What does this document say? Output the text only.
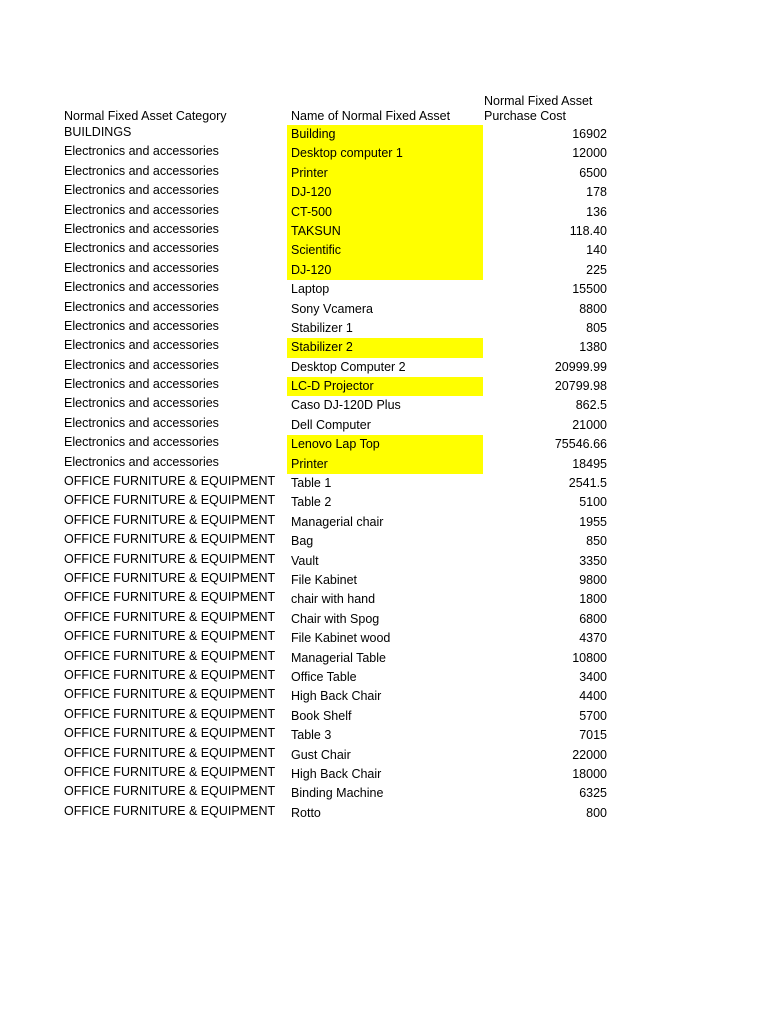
Normal Fixed Asset Category	Name of Normal Fixed Asset
Normal Fixed Asset
Purchase Cost
BUILDINGS	Building	16902
Electronics and accessories	Desktop computer 1	12000
Electronics and accessories	Printer	6500
Electronics and accessories	DJ-120	178
Electronics and accessories	CT-500	136
Electronics and accessories	TAKSUN	118.40
Electronics and accessories	Scientific	140
Electronics and accessories	DJ-120	225
Electronics and accessories	Laptop	15500
Electronics and accessories	Sony Vcamera	8800
Electronics and accessories	Stabilizer 1	805
Electronics and accessories	Stabilizer 2	1380
Electronics and accessories	Desktop Computer 2	20999.99
Electronics and accessories	LC-D Projector	20799.98
Electronics and accessories	Caso DJ-120D Plus	862.5
Electronics and accessories	Dell Computer	21000
Electronics and accessories	Lenovo Lap Top	75546.66
Electronics and accessories	Printer	18495
OFFICE FURNITURE & EQUIPMENT	Table 1	2541.5
OFFICE FURNITURE & EQUIPMENT	Table 2	5100
OFFICE FURNITURE & EQUIPMENT	Managerial chair	1955
OFFICE FURNITURE & EQUIPMENT	Bag	850
OFFICE FURNITURE & EQUIPMENT	Vault	3350
OFFICE FURNITURE & EQUIPMENT	File Kabinet	9800
OFFICE FURNITURE & EQUIPMENT	chair with hand	1800
OFFICE FURNITURE & EQUIPMENT	Chair with Spog	6800
OFFICE FURNITURE & EQUIPMENT	File Kabinet wood	4370
OFFICE FURNITURE & EQUIPMENT	Managerial Table	10800
OFFICE FURNITURE & EQUIPMENT	Office Table	3400
OFFICE FURNITURE & EQUIPMENT	High Back Chair	4400
OFFICE FURNITURE & EQUIPMENT	Book Shelf	5700
OFFICE FURNITURE & EQUIPMENT	Table 3	7015
OFFICE FURNITURE & EQUIPMENT	Gust Chair	22000
OFFICE FURNITURE & EQUIPMENT	High Back Chair	18000
OFFICE FURNITURE & EQUIPMENT	Binding Machine	6325
OFFICE FURNITURE & EQUIPMENT	Rotto	800
